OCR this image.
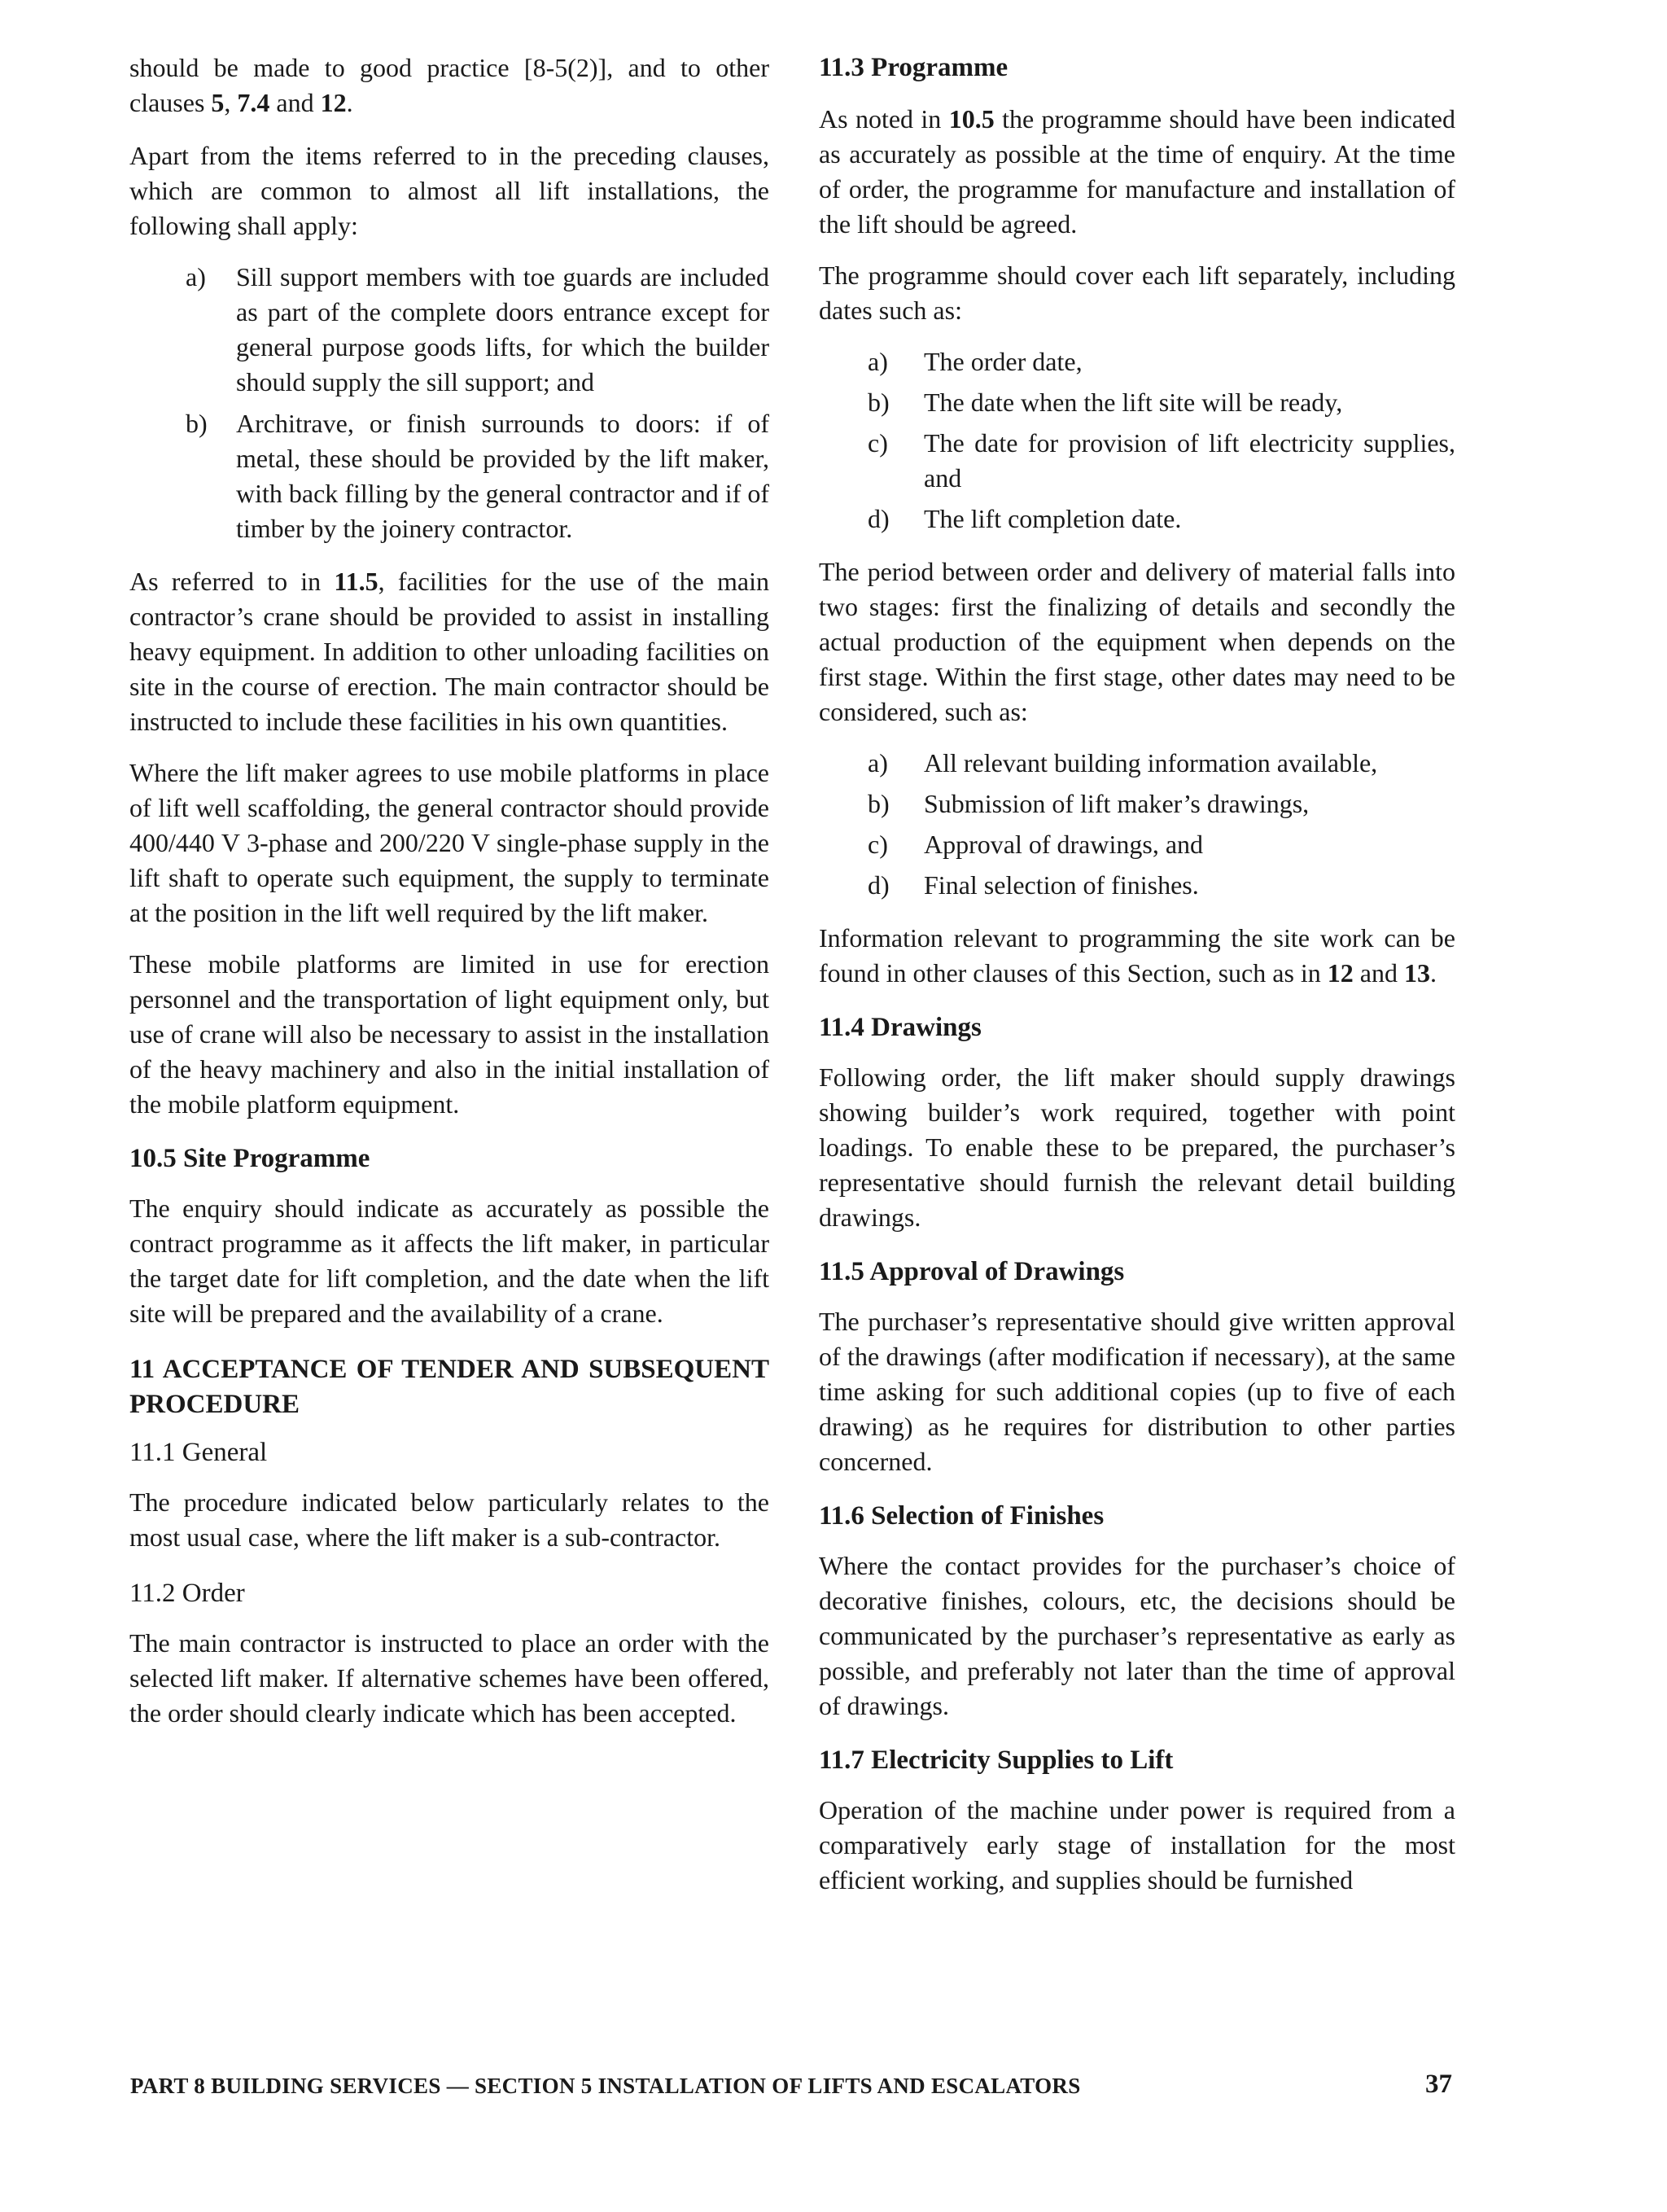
should be made to good practice [8-5(2)], and to other clauses 5, 7.4 and 12.

Apart from the items referred to in the preceding clauses, which are common to almost all lift installations, the following shall apply:

a) Sill support members with toe guards are included as part of the complete doors entrance except for general purpose goods lifts, for which the builder should supply the sill support; and
b) Architrave, or finish surrounds to doors: if of metal, these should be provided by the lift maker, with back filling by the general contractor and if of timber by the joinery contractor.

As referred to in 11.5, facilities for the use of the main contractor’s crane should be provided to assist in installing heavy equipment. In addition to other unloading facilities on site in the course of erection. The main contractor should be instructed to include these facilities in his own quantities.

Where the lift maker agrees to use mobile platforms in place of lift well scaffolding, the general contractor should provide 400/440 V 3-phase and 200/220 V single-phase supply in the lift shaft to operate such equipment, the supply to terminate at the position in the lift well required by the lift maker.

These mobile platforms are limited in use for erection personnel and the transportation of light equipment only, but use of crane will also be necessary to assist in the installation of the heavy machinery and also in the initial installation of the mobile platform equipment.

10.5 Site Programme

The enquiry should indicate as accurately as possible the contract programme as it affects the lift maker, in particular the target date for lift completion, and the date when the lift site will be prepared and the availability of a crane.

11 ACCEPTANCE OF TENDER AND SUBSEQUENT PROCEDURE
11.1 General

The procedure indicated below particularly relates to the most usual case, where the lift maker is a sub-contractor.

11.2 Order

The main contractor is instructed to place an order with the selected lift maker. If alternative schemes have been offered, the order should clearly indicate which has been accepted.

11.3 Programme

As noted in 10.5 the programme should have been indicated as accurately as possible at the time of enquiry. At the time of order, the programme for manufacture and installation of the lift should be agreed.

The programme should cover each lift separately, including dates such as:

a) The order date,
b) The date when the lift site will be ready,
c) The date for provision of lift electricity supplies, and
d) The lift completion date.

The period between order and delivery of material falls into two stages: first the finalizing of details and secondly the actual production of the equipment when depends on the first stage. Within the first stage, other dates may need to be considered, such as:

a) All relevant building information available,
b) Submission of lift maker’s drawings,
c) Approval of drawings, and
d) Final selection of finishes.

Information relevant to programming the site work can be found in other clauses of this Section, such as in 12 and 13.

11.4 Drawings

Following order, the lift maker should supply drawings showing builder’s work required, together with point loadings. To enable these to be prepared, the purchaser’s representative should furnish the relevant detail building drawings.

11.5 Approval of Drawings

The purchaser’s representative should give written approval of the drawings (after modification if necessary), at the same time asking for such additional copies (up to five of each drawing) as he requires for distribution to other parties concerned.

11.6 Selection of Finishes

Where the contact provides for the purchaser’s choice of decorative finishes, colours, etc, the decisions should be communicated by the purchaser’s representative as early as possible, and preferably not later than the time of approval of drawings.

11.7 Electricity Supplies to Lift

Operation of the machine under power is required from a comparatively early stage of installation for the most efficient working, and supplies should be furnished

PART 8 BUILDING SERVICES — SECTION 5 INSTALLATION OF LIFTS AND ESCALATORS	37
